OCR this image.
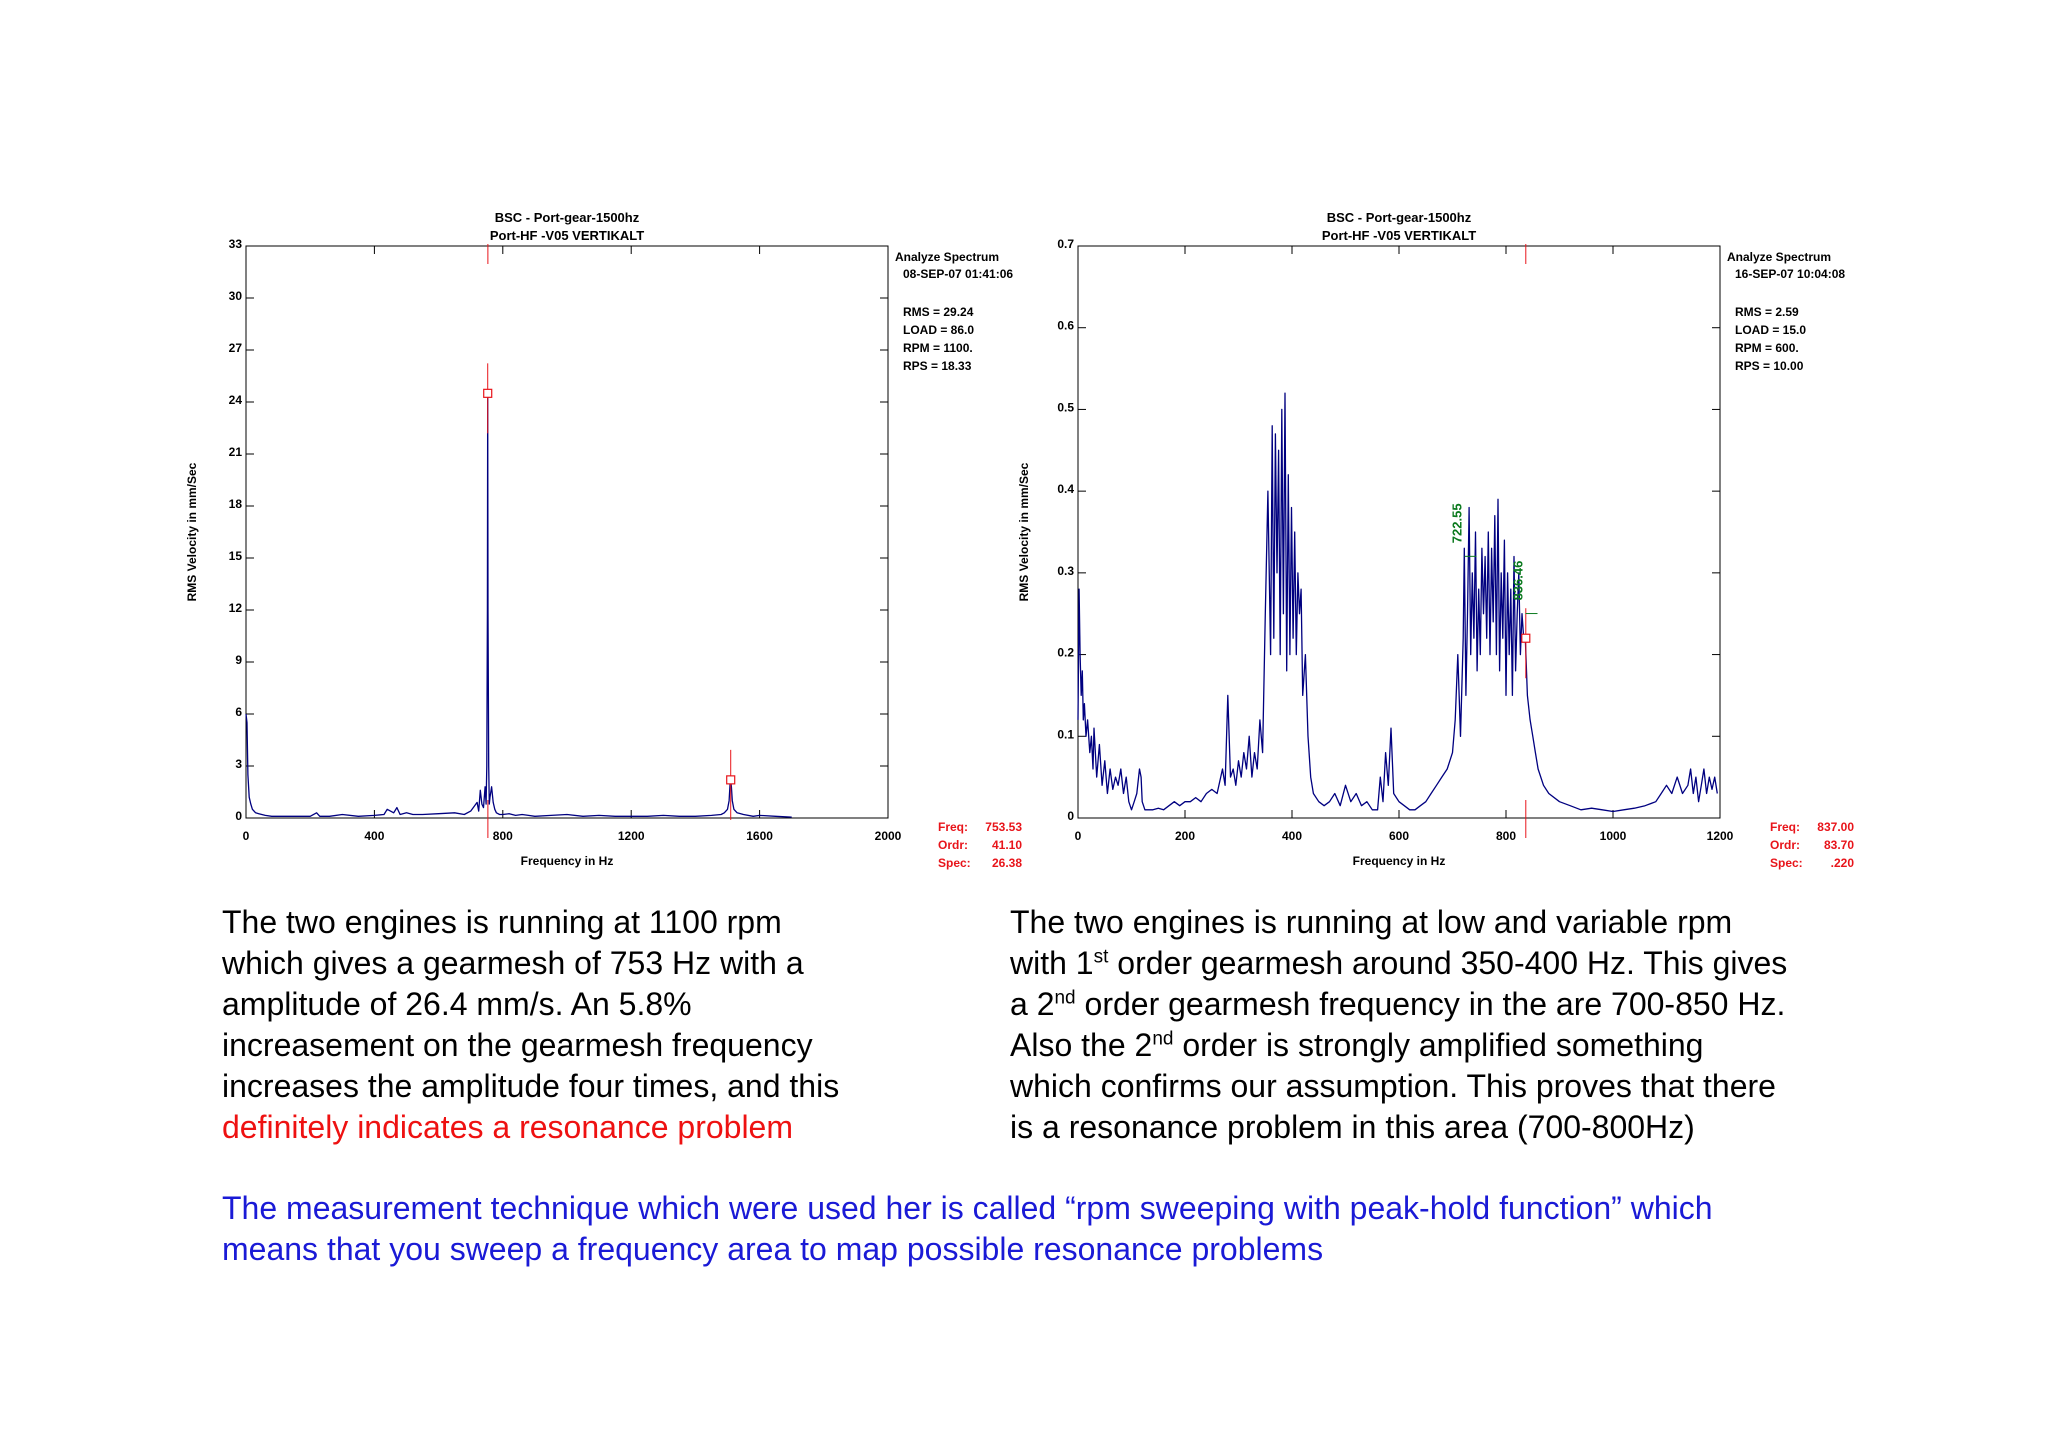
BSC - Port-gear-1500hz
Port-HF -V05 VERTIKALT
0
3
6
9
12
15
18
21
24
27
30
33
0	400	800	1200	1600	2000
Frequency in Hz
RMS Velocity in mm/Sec
Analyze Spectrum
08-SEP-07 01:41:06
RMS = 29.24
LOAD = 86.0
RPM = 1100.
RPS = 18.33
Freq: 753.53
Ordr: 41.10
Spec: 26.38
BSC - Port-gear-1500hz
Port-HF -V05 VERTIKALT
0
0.1
0.2
0.3
0.4
0.5
0.6
0.7
0	200	400	600	800	1000	1200
Frequency in Hz
RMS Velocity in mm/Sec	722.55
836.46
Analyze Spectrum
16-SEP-07 10:04:08
RMS = 2.59
LOAD = 15.0
RPM = 600.
RPS = 10.00
Freq: 837.00
Ordr: 83.70
Spec: .220
The two engines is running at 1100 rpm
which gives a gearmesh of 753 Hz with a
amplitude of 26.4 mm/s. An 5.8%
increasement on the gearmesh frequency
increases the amplitude four times, and this
definitely indicates a resonance problem
The two engines is running at low and variable rpm
with 1st order gearmesh around 350-400 Hz. This gives
a 2nd order gearmesh frequency in the are 700-850 Hz.
Also the 2nd order is strongly amplified something
which confirms our assumption. This proves that there
is a resonance problem in this area (700-800Hz)
The measurement technique which were used her is called “rpm sweeping with peak-hold function” which
means that you sweep a frequency area to map possible resonance problems
